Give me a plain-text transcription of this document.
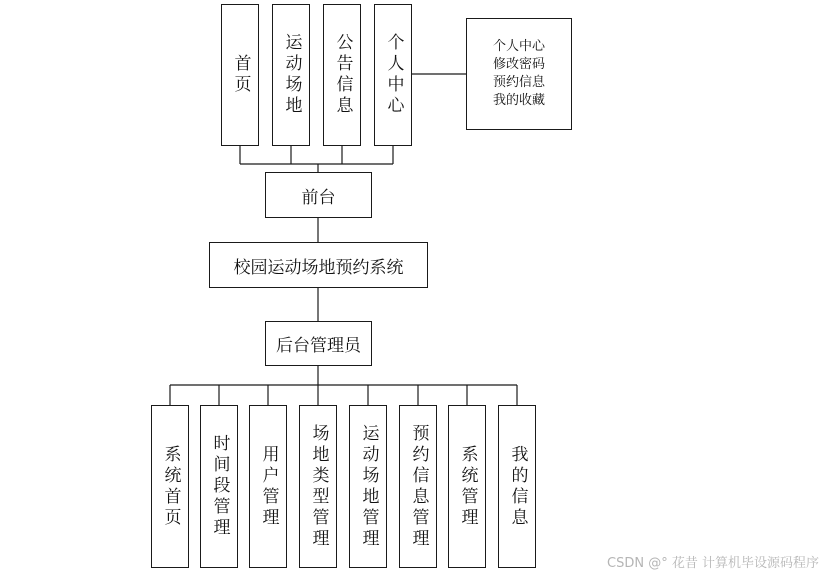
首页 运动场地 公告信息 个人中心	个人中心
修改密码
预约信息
我的收藏
前台
校园运动场地预约系统
后台管理员
系统首页 时间段管理 用户管理 场地类型管理 运动场地管理 预约信息管理 系统管理 我的信息
CSDN @° 花昔 计算机毕设源码程序
